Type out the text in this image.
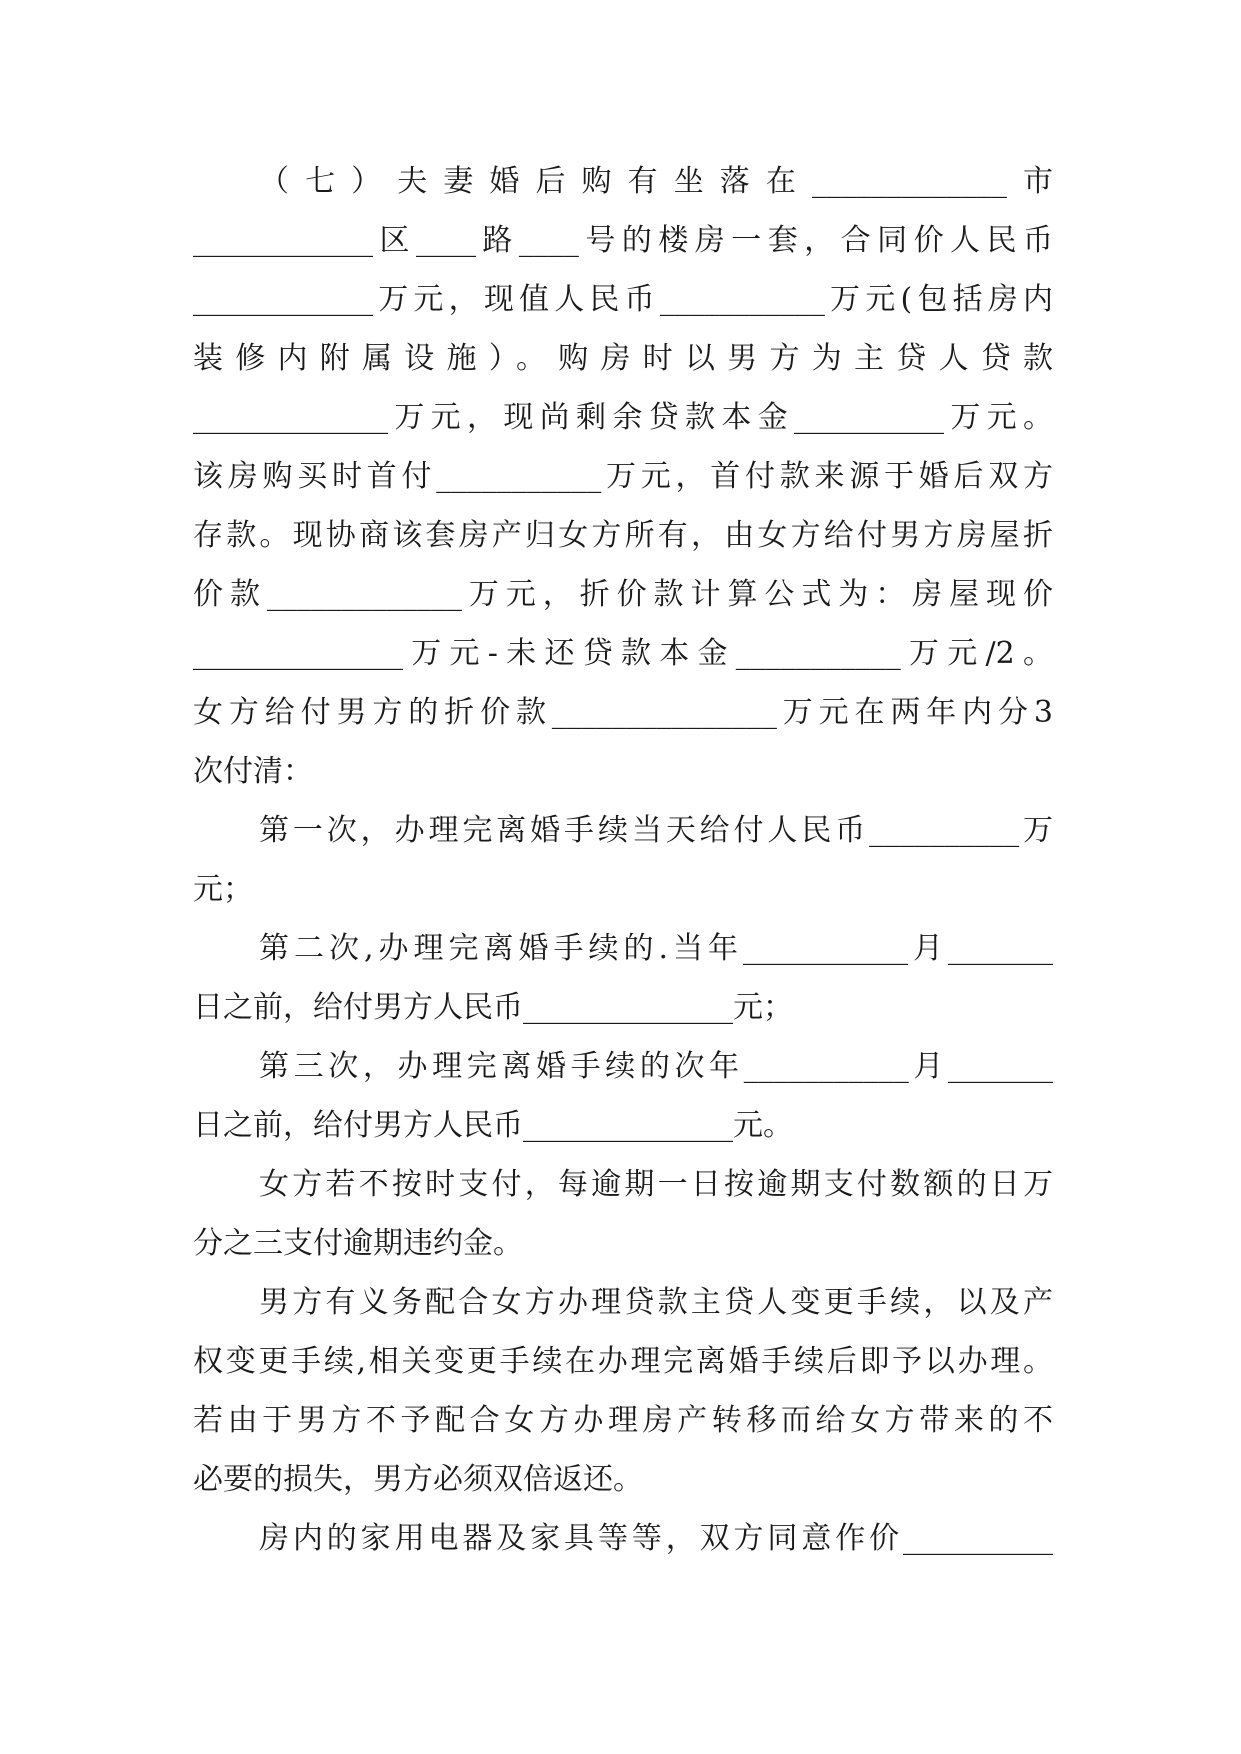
（七）夫妻婚后购有坐落在_____________市
____________区____路____号的楼房一套，合同价人民币
____________万元，现值人民币___________万元(包括房内
装修内附属设施）。购房时以男方为主贷人贷款
_____________万元，现尚剩余贷款本金__________万元。
该房购买时首付___________万元，首付款来源于婚后双方
存款。现协商该套房产归女方所有，由女方给付男方房屋折
价款_____________万元，折价款计算公式为：房屋现价
______________万元-未还贷款本金___________万元/2。
女方给付男方的折价款_______________万元在两年内分3
次付清：
第一次，办理完离婚手续当天给付人民币__________万
元；
第二次,办理完离婚手续的.当年___________月_______
日之前，给付男方人民币______________元；
第三次，办理完离婚手续的次年___________月_______
日之前，给付男方人民币______________元。
女方若不按时支付，每逾期一日按逾期支付数额的日万
分之三支付逾期违约金。
男方有义务配合女方办理贷款主贷人变更手续，以及产
权变更手续,相关变更手续在办理完离婚手续后即予以办理。
若由于男方不予配合女方办理房产转移而给女方带来的不
必要的损失，男方必须双倍返还。
房内的家用电器及家具等等，双方同意作价__________
